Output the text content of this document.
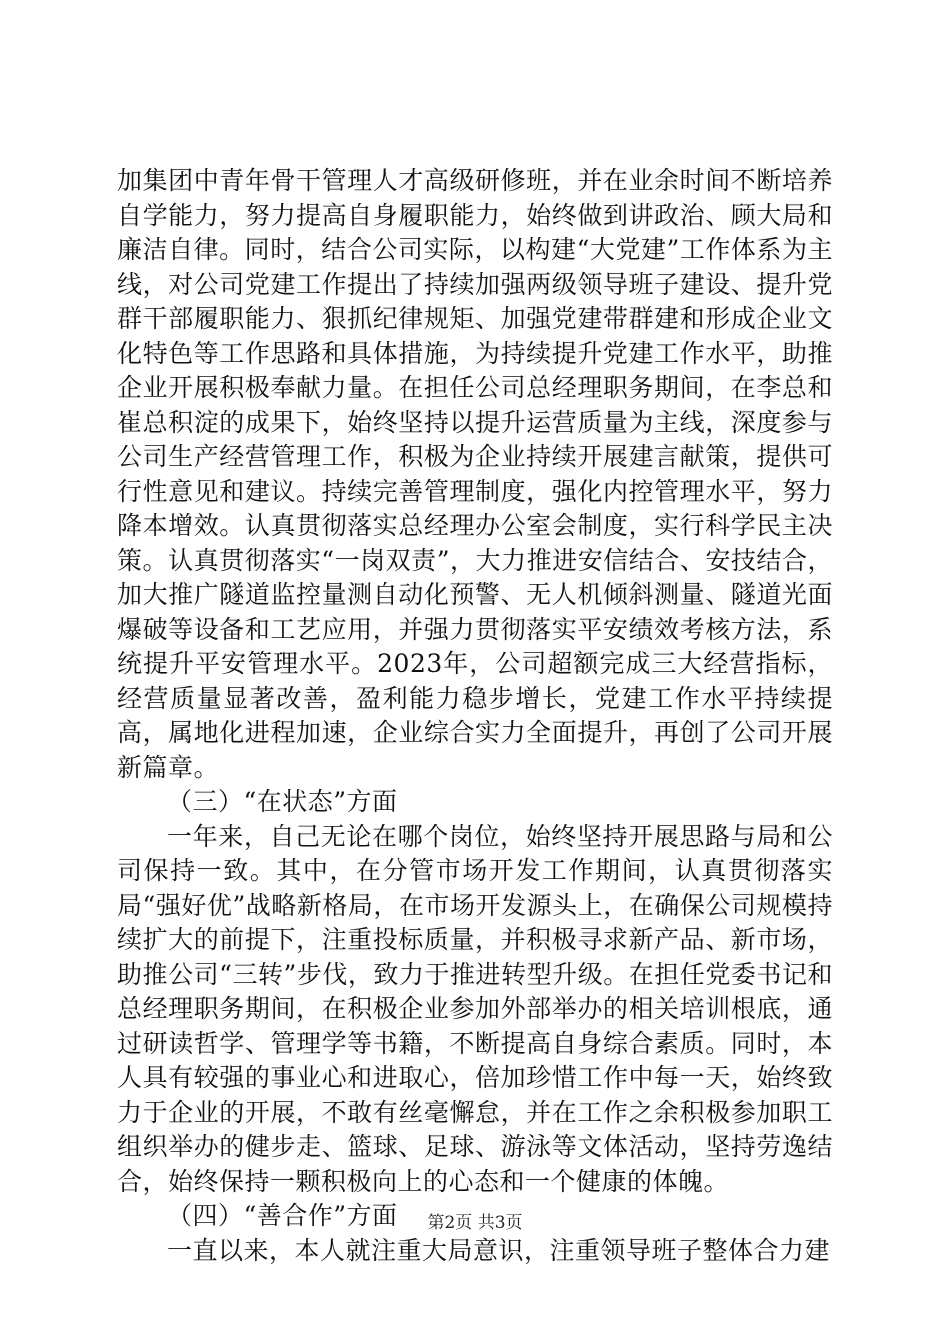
加集团中青年骨干管理人才高级研修班，并在业余时间不断培养自学能力，努力提高自身履职能力，始终做到讲政治、顾大局和廉洁自律。同时，结合公司实际，以构建“大党建”工作体系为主线，对公司党建工作提出了持续加强两级领导班子建设、提升党群干部履职能力、狠抓纪律规矩、加强党建带群建和形成企业文化特色等工作思路和具体措施，为持续提升党建工作水平，助推企业开展积极奉献力量。在担任公司总经理职务期间，在李总和崔总积淀的成果下，始终坚持以提升运营质量为主线，深度参与公司生产经营管理工作，积极为企业持续开展建言献策，提供可行性意见和建议。持续完善管理制度，强化内控管理水平，努力降本增效。认真贯彻落实总经理办公室会制度，实行科学民主决策。认真贯彻落实“一岗双责”，大力推进安信结合、安技结合，加大推广隧道监控量测自动化预警、无人机倾斜测量、隧道光面爆破等设备和工艺应用，并强力贯彻落实平安绩效考核方法，系统提升平安管理水平。2023年，公司超额完成三大经营指标，经营质量显著改善，盈利能力稳步增长，党建工作水平持续提高，属地化进程加速，企业综合实力全面提升，再创了公司开展新篇章。

（三）“在状态”方面

一年来，自己无论在哪个岗位，始终坚持开展思路与局和公司保持一致。其中，在分管市场开发工作期间，认真贯彻落实局“强好优”战略新格局，在市场开发源头上，在确保公司规模持续扩大的前提下，注重投标质量，并积极寻求新产品、新市场，助推公司“三转”步伐，致力于推进转型升级。在担任党委书记和总经理职务期间，在积极企业参加外部举办的相关培训根底，通过研读哲学、管理学等书籍，不断提高自身综合素质。同时，本人具有较强的事业心和进取心，倍加珍惜工作中每一天，始终致力于企业的开展，不敢有丝毫懈怠，并在工作之余积极参加职工组织举办的健步走、篮球、足球、游泳等文体活动，坚持劳逸结合，始终保持一颗积极向上的心态和一个健康的体魄。

（四）“善合作”方面

一直以来，本人就注重大局意识，注重领导班子整体合力建

第2页 共3页
